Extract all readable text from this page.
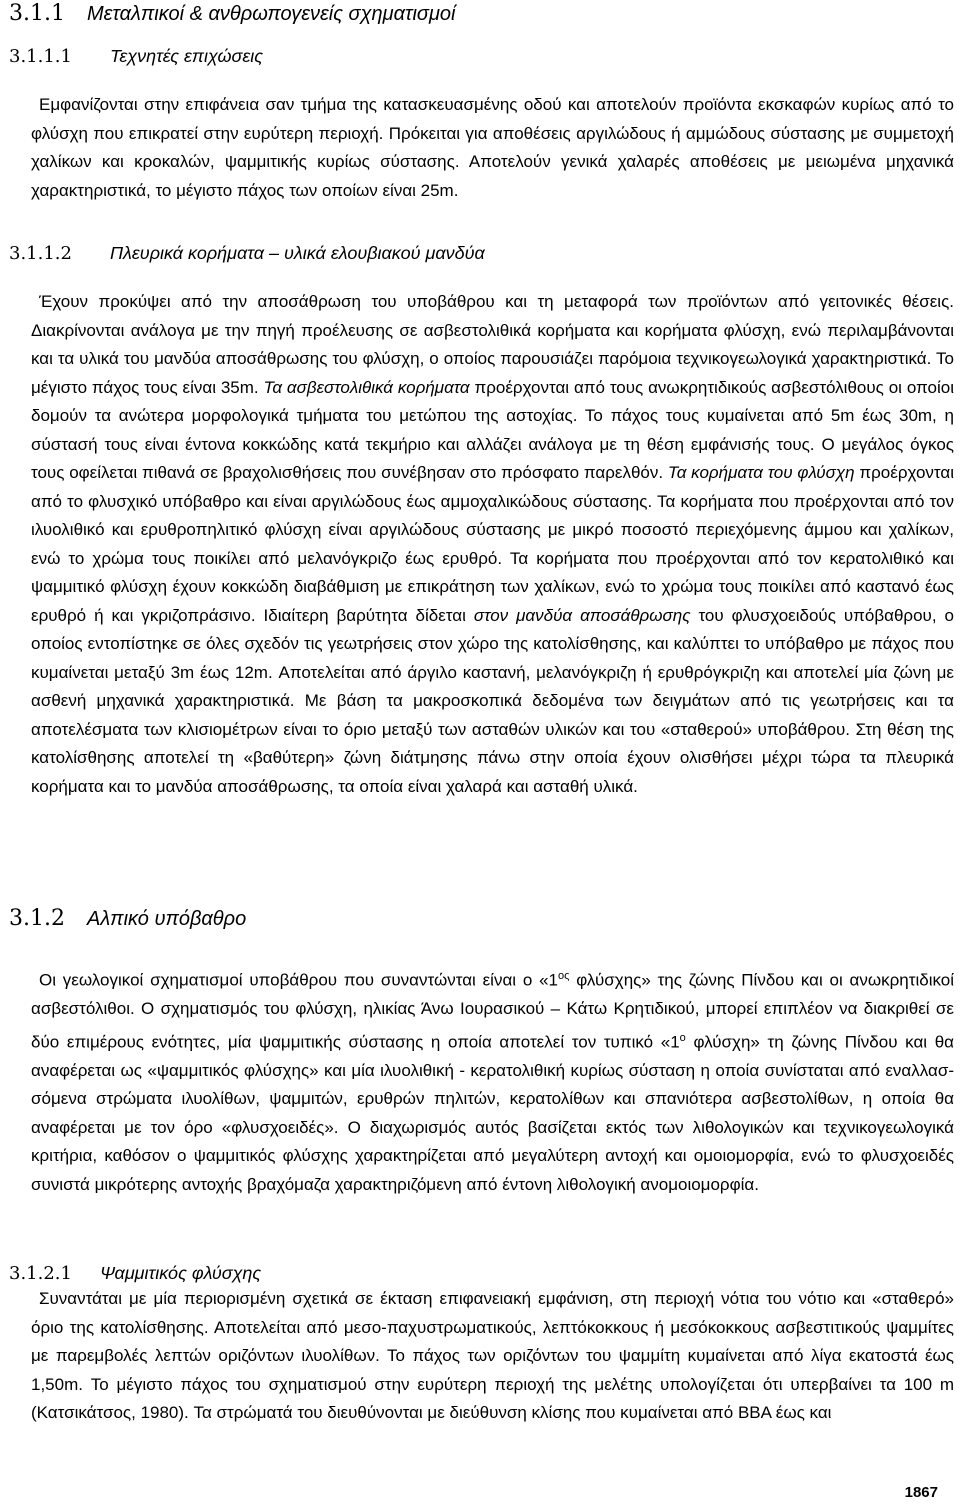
3.1.1 Μεταλπικοί & ανθρωπογενείς σχηματισμοί
3.1.1.1 Τεχνητές επιχώσεις
Εμφανίζονται στην επιφάνεια σαν τμήμα της κατασκευασμένης οδού και αποτελούν προϊόντα εκσκαφών κυρίως από το φλύσχη που επικρατεί στην ευρύτερη περιοχή. Πρόκειται για αποθέσεις αργιλώδους ή αμμώδους σύστασης με συμμετοχή χαλίκων και κροκαλών, ψαμμιτικής κυρίως σύστασης. Αποτελούν γενικά χαλαρές αποθέσεις με μειωμένα μηχανικά χαρακτηριστικά, το μέγιστο πάχος των οποίων είναι 25m.
3.1.1.2 Πλευρικά κορήματα – υλικά ελουβιακού μανδύα
Έχουν προκύψει από την αποσάθρωση του υποβάθρου και τη μεταφορά των προϊόντων από γειτονικές θέσεις. Διακρίνονται ανάλογα με την πηγή προέλευσης σε ασβεστολιθικά κορήματα και κορήματα φλύσχη, ενώ περιλαμβάνονται και τα υλικά του μανδύα αποσάθρωσης του φλύσχη, ο οποίος παρουσιάζει παρόμοια τεχνικογεωλογικά χαρακτηριστικά. Το μέγιστο πάχος τους είναι 35m. Τα ασβεστολιθικά κορήματα προέρχονται από τους ανωκρητιδικούς ασβεστόλιθους οι οποίοι δομούν τα ανώτερα μορφολογικά τμήματα του μετώπου της αστοχίας. Το πάχος τους κυμαίνεται από 5m έως 30m, η σύστασή τους είναι έντονα κοκκώδης κατά τεκμήριο και αλλάζει ανάλογα με τη θέση εμφάνισής τους. Ο μεγάλος όγκος τους οφείλεται πιθανά σε βραχολισθήσεις που συνέβησαν στο πρόσφατο παρελθόν. Τα κορήματα του φλύσχη προέρχονται από το φλυσχικό υπόβαθρο και είναι αργιλώδους έως αμμοχαλικώδους σύστασης. Τα κορήματα που προέρχονται από τον ιλυολιθικό και ερυθροπηλιτικό φλύσχη είναι αργιλώδους σύστασης με μικρό ποσοστό περιεχόμενης άμμου και χαλίκων, ενώ το χρώμα τους ποικίλει από μελανόγκριζο έως ερυθρό. Τα κορήματα που προέρχονται από τον κερατολιθικό και ψαμμιτικό φλύσχη έχουν κοκκώδη διαβάθμιση με επικράτηση των χαλίκων, ενώ το χρώμα τους ποικίλει από καστανό έως ερυθρό ή και γκριζοπράσινο. Ιδιαίτερη βαρύτητα δίδεται στον μανδύα αποσάθρωσης του φλυσχοειδούς υπόβαθρου, ο οποίος εντοπίστηκε σε όλες σχεδόν τις γεωτρήσεις στον χώρο της κατολίσθησης, και καλύπτει το υπόβαθρο με πάχος που κυμαίνεται μεταξύ 3m έως 12m. Αποτελείται από άργιλο καστανή, μελανόγκριζη ή ερυθρόγκριζη και αποτελεί μία ζώνη με ασθενή μηχανικά χαρακτηριστικά. Με βάση τα μακροσκοπικά δεδομένα των δειγμάτων από τις γεωτρήσεις και τα αποτελέσματα των κλισιομέτρων είναι το όριο μεταξύ των ασταθών υλικών και του «σταθερού» υποβάθρου. Στη θέση της κατολίσθησης αποτελεί τη «βαθύτερη» ζώνη διάτμησης πάνω στην οποία έχουν ολισθήσει μέχρι τώρα τα πλευρικά κορήματα και το μανδύα αποσάθρωσης, τα οποία είναι χαλαρά και ασταθή υλικά.
3.1.2 Αλπικό υπόβαθρο
Οι γεωλογικοί σχηματισμοί υποβάθρου που συναντώνται είναι ο «$1^{o\varsigma}$ φλύσχης» της ζώνης Πίνδου και οι ανωκρητιδικοί ασβεστόλιθοι. Ο σχηματισμός του φλύσχη, ηλικίας Άνω Ιουρασικού – Κάτω Κρητιδικού, μπορεί επιπλέον να διακριθεί σε δύο επιμέρους ενότητες, μία ψαμμιτικής σύστασης η οποία αποτελεί τον τυπικό «$1^o$ φλύσχη» τη ζώνης Πίνδου και θα αναφέρεται ως «ψαμμιτικός φλύσχης» και μία ιλυολιθική - κερατολιθική κυρίως σύσταση η οποία συνίσταται από εναλλασσόμενα στρώματα ιλυολίθων, ψαμμιτών, ερυθρών πηλιτών, κερατολίθων και σπανιότερα ασβεστολίθων, η οποία θα αναφέρεται με τον όρο «φλυσχοειδές». Ο διαχωρισμός αυτός βασίζεται εκτός των λιθολογικών και τεχνικογεωλογικά κριτήρια, καθόσον ο ψαμμιτικός φλύσχης χαρακτηρίζεται από μεγαλύτερη αντοχή και ομοιομορφία, ενώ το φλυσχοειδές συνιστά μικρότερης αντοχής βραχόμαζα χαρακτηριζόμενη από έντονη λιθολογική ανομοιομορφία.
3.1.2.1 Ψαμμιτικός φλύσχης
Συναντάται με μία περιορισμένη σχετικά σε έκταση επιφανειακή εμφάνιση, στη περιοχή νότια του νότιο και «σταθερό» όριο της κατολίσθησης. Αποτελείται από μεσο-παχυστρωματικούς, λεπτόκοκκους ή μεσόκοκκους ασβεστιτικούς ψαμμίτες με παρεμβολές λεπτών οριζόντων ιλυολίθων. Το πάχος των οριζόντων του ψαμμίτη κυμαίνεται από λίγα εκατοστά έως 1,50m. Το μέγιστο πάχος του σχηματισμού στην ευρύτερη περιοχή της μελέτης υπολογίζεται ότι υπερβαίνει τα 100 m (Κατσικάτσος, 1980). Τα στρώματά του διευθύνονται με διεύθυνση κλίσης που κυμαίνεται από ΒΒΑ έως και
1867
